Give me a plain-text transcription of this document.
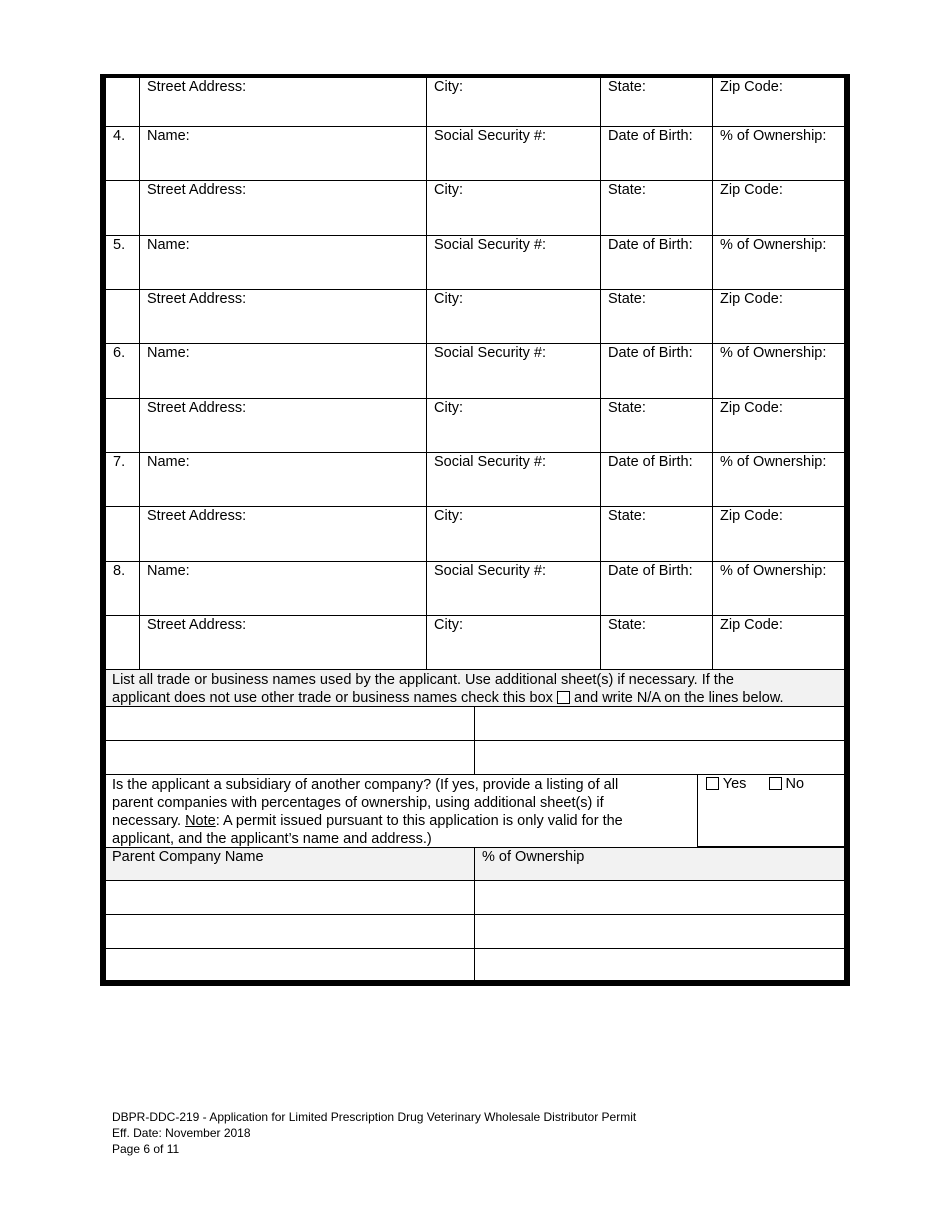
Street Address:	City:	State:	Zip Code:
4.	Name:	Social Security #:	Date of Birth:	% of Ownership:
Street Address:	City:	State:	Zip Code:
5.	Name:	Social Security #:	Date of Birth:	% of Ownership:
Street Address:	City:	State:	Zip Code:
6.	Name:	Social Security #:	Date of Birth:	% of Ownership:
Street Address:	City:	State:	Zip Code:
7.	Name:	Social Security #:	Date of Birth:	% of Ownership:
Street Address:	City:	State:	Zip Code:
8.	Name:	Social Security #:	Date of Birth:	% of Ownership:
Street Address:	City:	State:	Zip Code:
List all trade or business names used by the applicant. Use additional sheet(s) if necessary. If the
applicant does not use other trade or business names check this box and write N/A on the lines below.
Is the applicant a subsidiary of another company? (If yes, provide a listing of all
parent companies with percentages of ownership, using additional sheet(s) if
necessary. Note: A permit issued pursuant to this application is only valid for the
applicant, and the applicant’s name and address.)
Yes	No
Parent Company Name	% of Ownership
DBPR-DDC-219 - Application for Limited Prescription Drug Veterinary Wholesale Distributor Permit
Eff. Date: November 2018
Page 6 of 11
